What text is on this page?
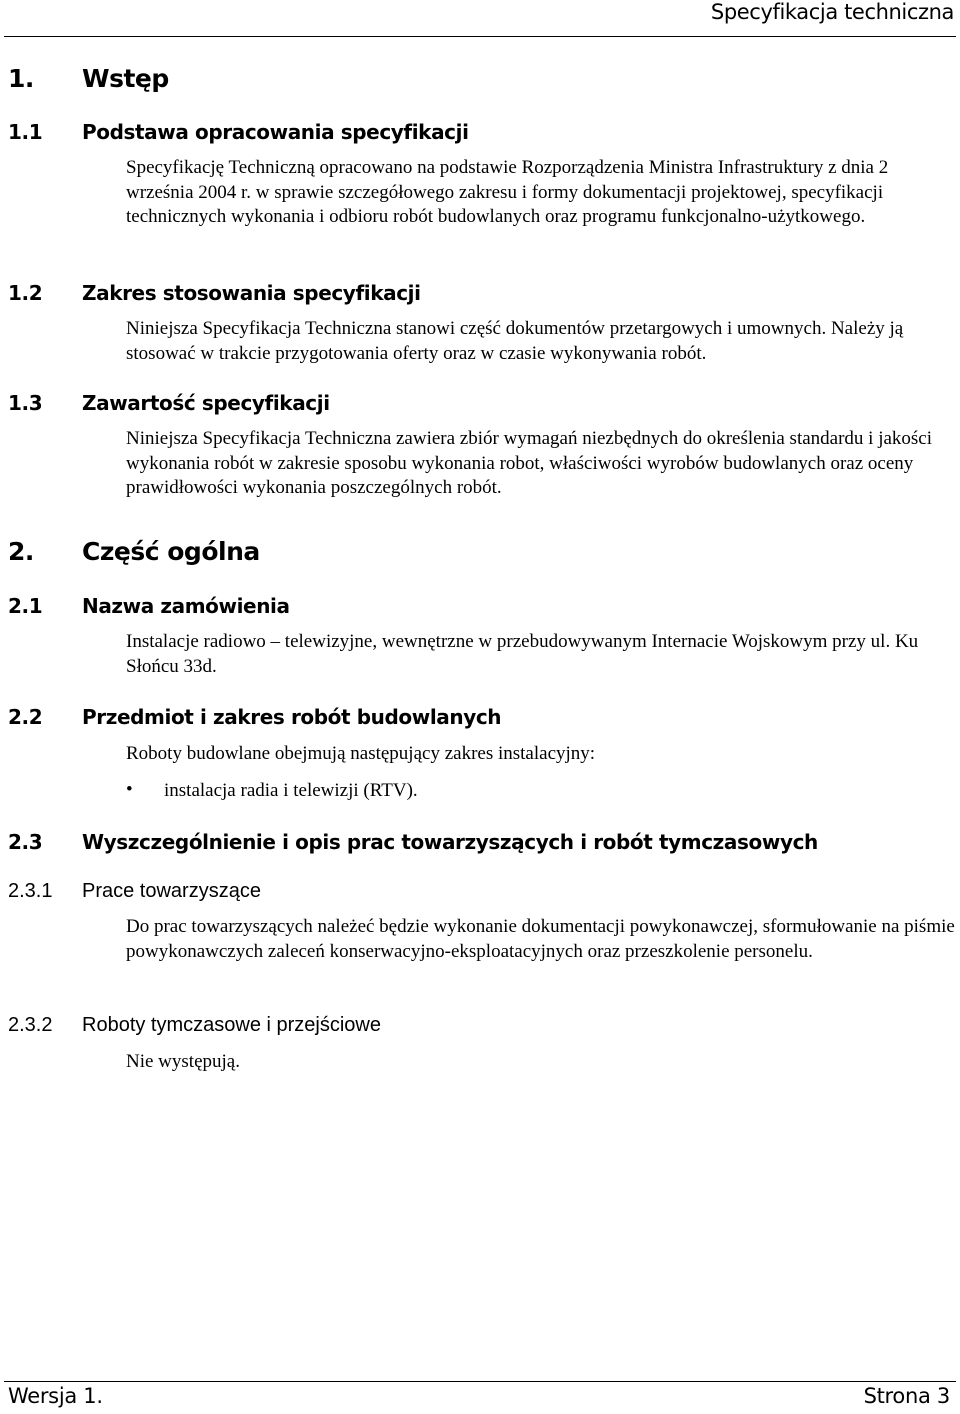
Specyfikacja techniczna
1. Wstęp
1.1 Podstawa opracowania specyfikacji
Specyfikację Techniczną opracowano na podstawie Rozporządzenia Ministra Infrastruktury z dnia 2 września 2004 r. w sprawie szczegółowego zakresu i formy dokumentacji projektowej, specyfikacji technicznych wykonania i odbioru robót budowlanych oraz programu funkcjonalno-użytkowego.
1.2 Zakres stosowania specyfikacji
Niniejsza Specyfikacja Techniczna stanowi część dokumentów przetargowych i umownych. Należy ją stosować w trakcie przygotowania oferty oraz w czasie wykonywania robót.
1.3 Zawartość specyfikacji
Niniejsza Specyfikacja Techniczna zawiera zbiór wymagań niezbędnych do określenia standardu i jakości wykonania robót w zakresie sposobu wykonania robot, właściwości wyrobów budowlanych oraz oceny prawidłowości wykonania poszczególnych robót.
2. Część ogólna
2.1 Nazwa zamówienia
Instalacje radiowo – telewizyjne, wewnętrzne w przebudowywanym Internacie Wojskowym przy ul. Ku Słońcu 33d.
2.2 Przedmiot i zakres robót budowlanych
Roboty budowlane obejmują następujący zakres instalacyjny:
• instalacja radia i telewizji (RTV).
2.3 Wyszczególnienie i opis prac towarzyszących i robót tymczasowych
2.3.1 Prace towarzyszące
Do prac towarzyszących należeć będzie wykonanie dokumentacji powykonawczej, sformułowanie na piśmie powykonawczych zaleceń konserwacyjno-eksploatacyjnych oraz przeszkolenie personelu.
2.3.2 Roboty tymczasowe i przejściowe
Nie występują.
Wersja 1.	Strona 3
